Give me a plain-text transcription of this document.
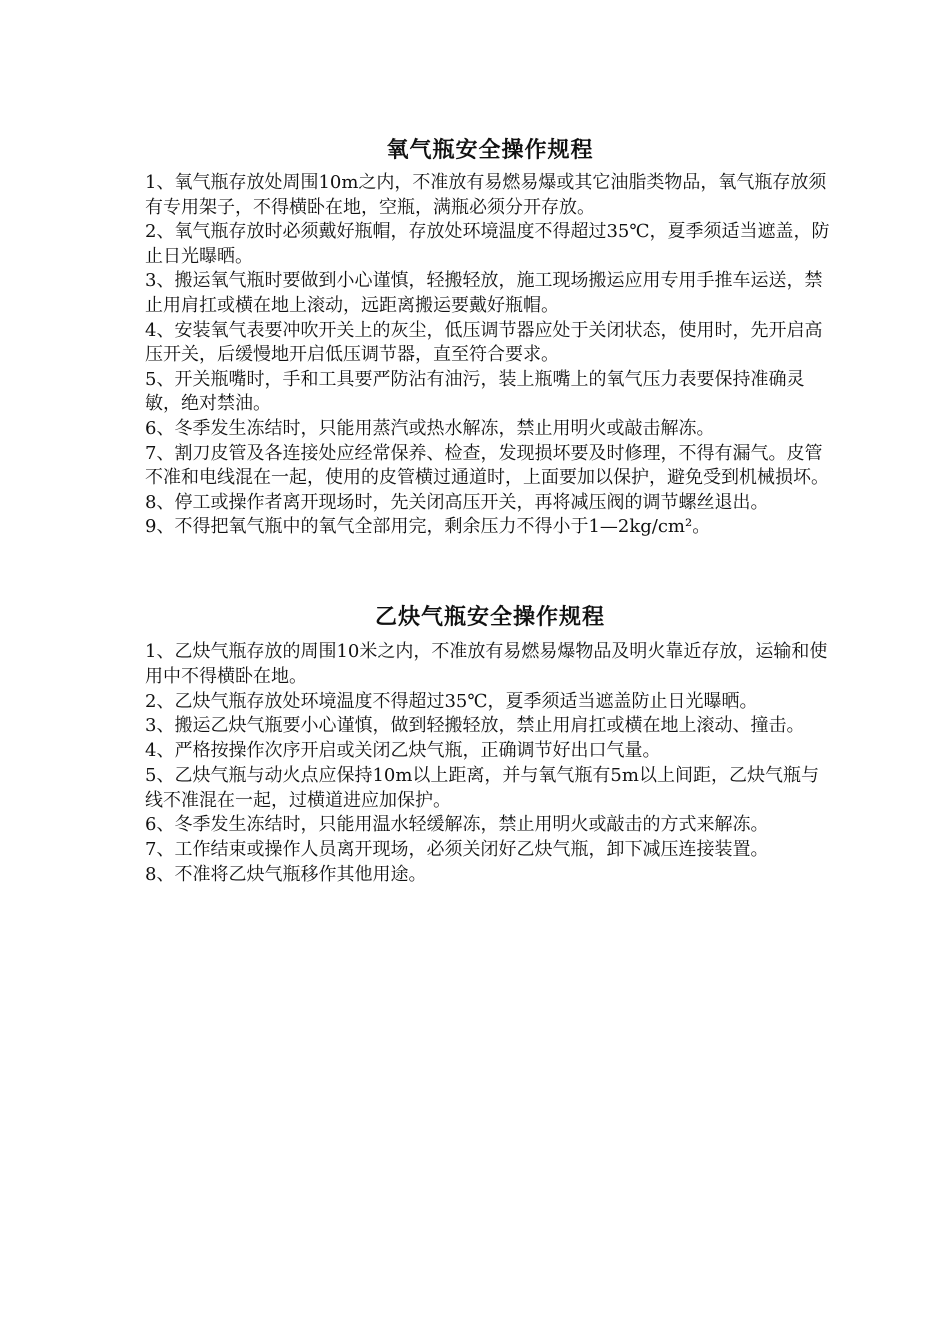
氧气瓶安全操作规程
1、氧气瓶存放处周围10m之内，不准放有易燃易爆或其它油脂类物品，氧气瓶存放须有专用架子，不得横卧在地，空瓶，满瓶必须分开存放。
2、氧气瓶存放时必须戴好瓶帽，存放处环境温度不得超过35℃，夏季须适当遮盖，防止日光曝晒。
3、搬运氧气瓶时要做到小心谨慎，轻搬轻放，施工现场搬运应用专用手推车运送，禁止用肩扛或横在地上滚动，远距离搬运要戴好瓶帽。
4、安装氧气表要冲吹开关上的灰尘，低压调节器应处于关闭状态，使用时，先开启高压开关，后缓慢地开启低压调节器，直至符合要求。
5、开关瓶嘴时，手和工具要严防沾有油污，装上瓶嘴上的氧气压力表要保持准确灵敏，绝对禁油。
6、冬季发生冻结时，只能用蒸汽或热水解冻，禁止用明火或敲击解冻。
7、割刀皮管及各连接处应经常保养、检查，发现损坏要及时修理，不得有漏气。皮管不准和电线混在一起，使用的皮管横过通道时，上面要加以保护，避免受到机械损坏。
8、停工或操作者离开现场时，先关闭高压开关，再将减压阀的调节螺丝退出。
9、不得把氧气瓶中的氧气全部用完，剩余压力不得小于1—2kg/cm²。
乙炔气瓶安全操作规程
1、乙炔气瓶存放的周围10米之内，不准放有易燃易爆物品及明火靠近存放，运输和使用中不得横卧在地。
2、乙炔气瓶存放处环境温度不得超过35℃，夏季须适当遮盖防止日光曝晒。
3、搬运乙炔气瓶要小心谨慎，做到轻搬轻放，禁止用肩扛或横在地上滚动、撞击。
4、严格按操作次序开启或关闭乙炔气瓶，正确调节好出口气量。
5、乙炔气瓶与动火点应保持10m以上距离，并与氧气瓶有5m以上间距，乙炔气瓶与线不准混在一起，过横道进应加保护。
6、冬季发生冻结时，只能用温水轻缓解冻，禁止用明火或敲击的方式来解冻。
7、工作结束或操作人员离开现场，必须关闭好乙炔气瓶，卸下减压连接装置。
8、不准将乙炔气瓶移作其他用途。
